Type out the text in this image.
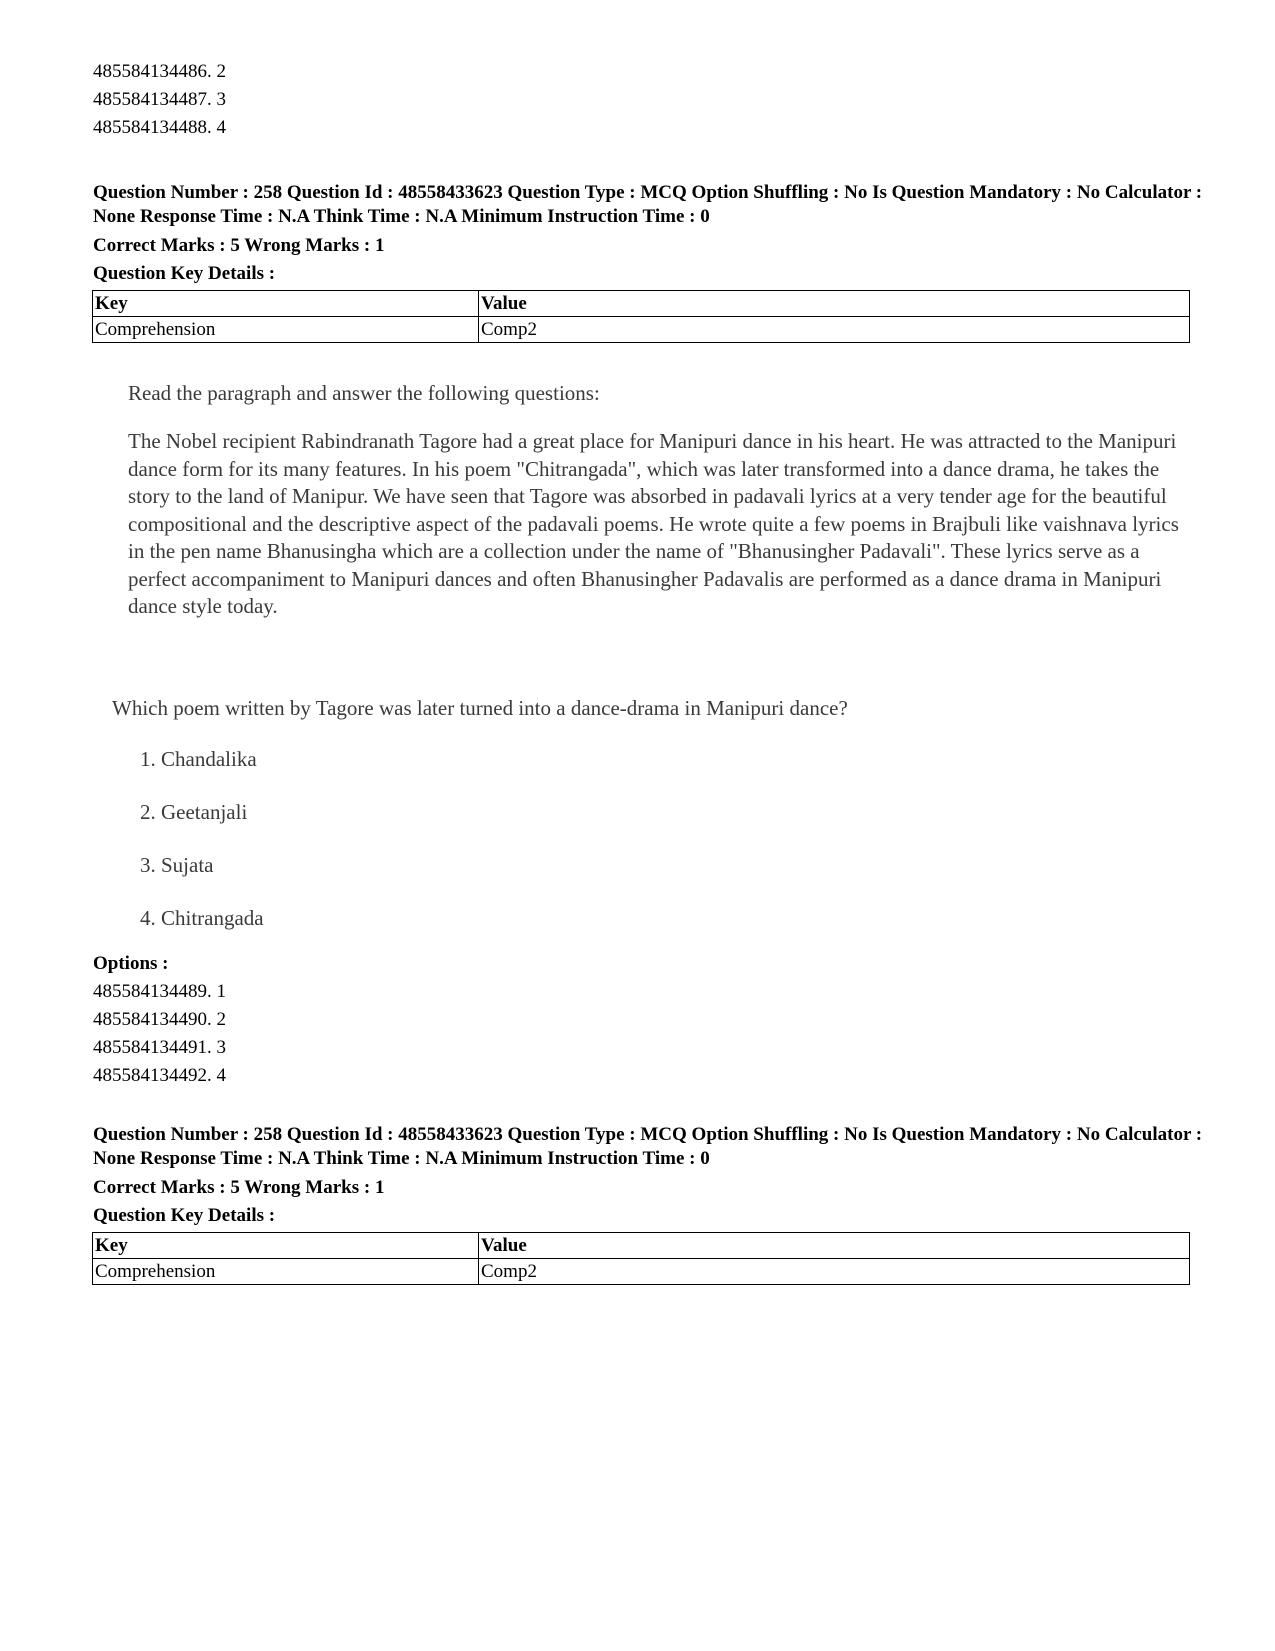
485584134486. 2
485584134487. 3
485584134488. 4
Question Number : 258 Question Id : 48558433623 Question Type : MCQ Option Shuffling : No Is Question Mandatory : No Calculator : None Response Time : N.A Think Time : N.A Minimum Instruction Time : 0
Correct Marks : 5 Wrong Marks : 1
Question Key Details :
Key	Value
Comprehension	Comp2
Read the paragraph and answer the following questions:
The Nobel recipient Rabindranath Tagore had a great place for Manipuri dance in his heart. He was attracted to the Manipuri dance form for its many features. In his poem "Chitrangada", which was later transformed into a dance drama, he takes the story to the land of Manipur. We have seen that Tagore was absorbed in padavali lyrics at a very tender age for the beautiful compositional and the descriptive aspect of the padavali poems. He wrote quite a few poems in Brajbuli like vaishnava lyrics in the pen name Bhanusingha which are a collection under the name of "Bhanusingher Padavali". These lyrics serve as a perfect accompaniment to Manipuri dances and often Bhanusingher Padavalis are performed as a dance drama in Manipuri dance style today.
Which poem written by Tagore was later turned into a dance-drama in Manipuri dance?
1. Chandalika
2. Geetanjali
3. Sujata
4. Chitrangada
Options :
485584134489. 1
485584134490. 2
485584134491. 3
485584134492. 4
Question Number : 258 Question Id : 48558433623 Question Type : MCQ Option Shuffling : No Is Question Mandatory : No Calculator : None Response Time : N.A Think Time : N.A Minimum Instruction Time : 0
Correct Marks : 5 Wrong Marks : 1
Question Key Details :
Key	Value
Comprehension	Comp2
